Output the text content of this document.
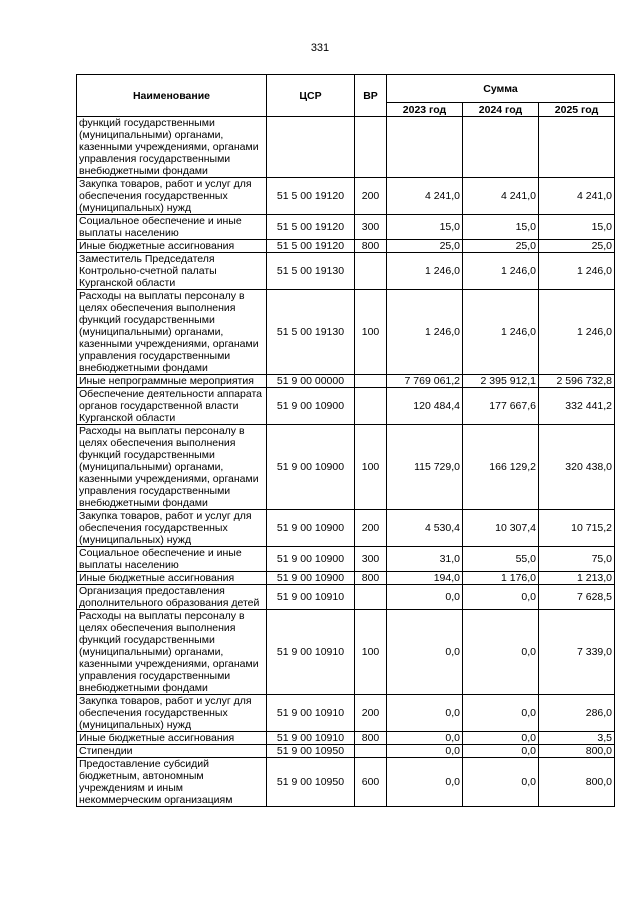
331
Наименование	ЦСР	ВР	Сумма		
			2023 год	2024 год	2025 год
функций государственными (муниципальными) органами, казенными учреждениями, органами управления государственными внебюджетными фондами					
Закупка товаров, работ и услуг для обеспечения государственных (муниципальных) нужд	51 5 00 19120	200	4 241,0	4 241,0	4 241,0
Социальное обеспечение и иные выплаты населению	51 5 00 19120	300	15,0	15,0	15,0
Иные бюджетные ассигнования	51 5 00 19120	800	25,0	25,0	25,0
Заместитель Председателя Контрольно-счетной палаты Курганской области	51 5 00 19130		1 246,0	1 246,0	1 246,0
Расходы на выплаты персоналу в целях обеспечения выполнения функций государственными (муниципальными) органами, казенными учреждениями, органами управления государственными внебюджетными фондами	51 5 00 19130	100	1 246,0	1 246,0	1 246,0
Иные непрограммные мероприятия	51 9 00 00000		7 769 061,2	2 395 912,1	2 596 732,8
Обеспечение деятельности аппарата органов государственной власти Курганской области	51 9 00 10900		120 484,4	177 667,6	332 441,2
Расходы на выплаты персоналу в целях обеспечения выполнения функций государственными (муниципальными) органами, казенными учреждениями, органами управления государственными внебюджетными фондами	51 9 00 10900	100	115 729,0	166 129,2	320 438,0
Закупка товаров, работ и услуг для обеспечения государственных (муниципальных) нужд	51 9 00 10900	200	4 530,4	10 307,4	10 715,2
Социальное обеспечение и иные выплаты населению	51 9 00 10900	300	31,0	55,0	75,0
Иные бюджетные ассигнования	51 9 00 10900	800	194,0	1 176,0	1 213,0
Организация предоставления дополнительного образования детей	51 9 00 10910		0,0	0,0	7 628,5
Расходы на выплаты персоналу в целях обеспечения выполнения функций государственными (муниципальными) органами, казенными учреждениями, органами управления государственными внебюджетными фондами	51 9 00 10910	100	0,0	0,0	7 339,0
Закупка товаров, работ и услуг для обеспечения государственных (муниципальных) нужд	51 9 00 10910	200	0,0	0,0	286,0
Иные бюджетные ассигнования	51 9 00 10910	800	0,0	0,0	3,5
Стипендии	51 9 00 10950		0,0	0,0	800,0
Предоставление субсидий бюджетным, автономным учреждениям и иным некоммерческим организациям	51 9 00 10950	600	0,0	0,0	800,0
